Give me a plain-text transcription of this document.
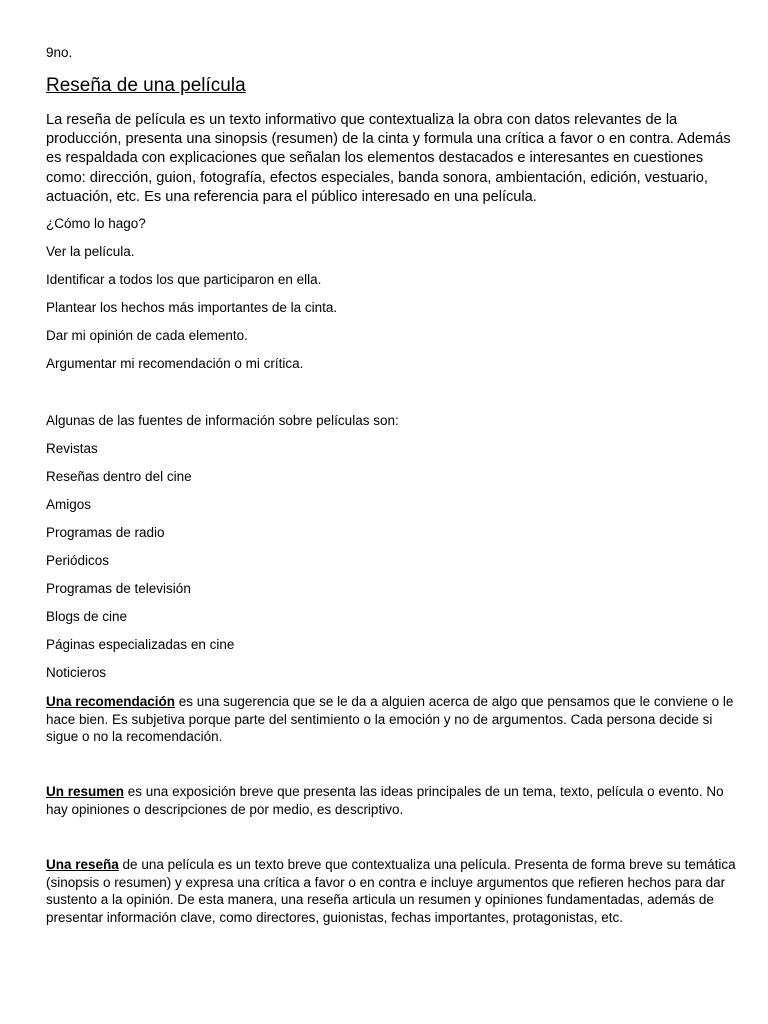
9no.
Reseña de una película
La reseña de película es un texto informativo que contextualiza la obra con datos relevantes de la producción, presenta una sinopsis (resumen) de la cinta y formula una crítica a favor o en contra. Además es respaldada con explicaciones que señalan los elementos destacados e interesantes en cuestiones como: dirección, guion, fotografía, efectos especiales, banda sonora, ambientación, edición, vestuario, actuación, etc. Es una referencia para el público interesado en una película.
¿Cómo lo hago?
Ver la película.
Identificar a todos los que participaron en ella.
Plantear los hechos más importantes de la cinta.
Dar mi opinión de cada elemento.
Argumentar mi recomendación o mi crítica.
Algunas de las fuentes de información sobre películas son:
Revistas
Reseñas dentro del cine
Amigos
Programas de radio
Periódicos
Programas de televisión
Blogs de cine
Páginas especializadas en cine
Noticieros
Una recomendación es una sugerencia que se le da a alguien acerca de algo que pensamos que le conviene o le hace bien. Es subjetiva porque parte del sentimiento o la emoción y no de argumentos. Cada persona decide si sigue o no la recomendación.
Un resumen es una exposición breve que presenta las ideas principales de un tema, texto, película o evento. No hay opiniones o descripciones de por medio, es descriptivo.
Una reseña de una película es un texto breve que contextualiza una película. Presenta de forma breve su temática (sinopsis o resumen) y expresa una crítica a favor o en contra e incluye argumentos que refieren hechos para dar sustento a la opinión. De esta manera, una reseña articula un resumen y opiniones fundamentadas, además de presentar información clave, como directores, guionistas, fechas importantes, protagonistas, etc.
